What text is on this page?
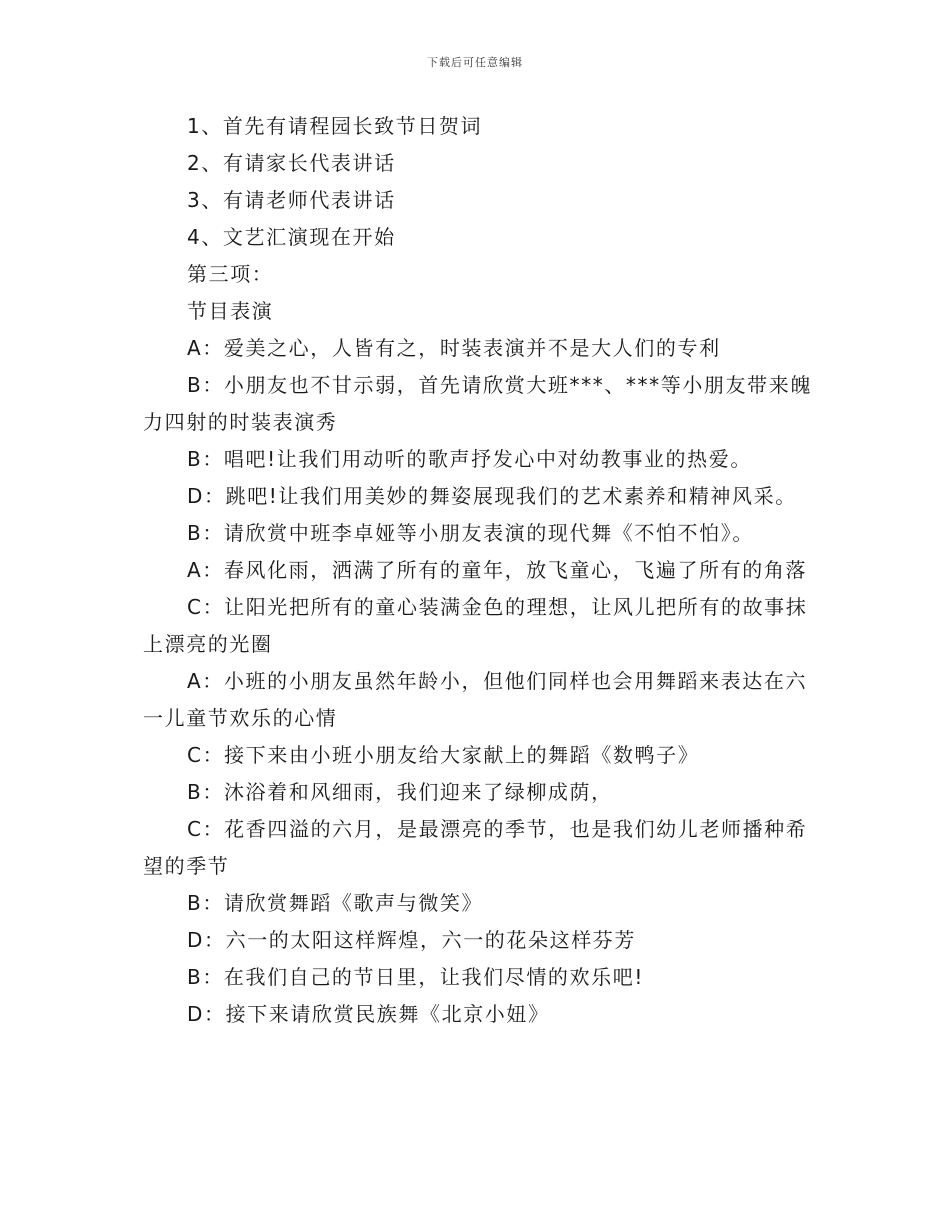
下载后可任意编辑

1、首先有请程园长致节日贺词

2、有请家长代表讲话

3、有请老师代表讲话

4、文艺汇演现在开始

第三项：

节目表演

A：爱美之心，人皆有之，时装表演并不是大人们的专利

B：小朋友也不甘示弱，首先请欣赏大班***、***等小朋友带来魄力四射的时装表演秀

B：唱吧!让我们用动听的歌声抒发心中对幼教事业的热爱。

D：跳吧!让我们用美妙的舞姿展现我们的艺术素养和精神风采。

B：请欣赏中班李卓娅等小朋友表演的现代舞《不怕不怕》。

A：春风化雨，洒满了所有的童年，放飞童心，飞遍了所有的角落

C：让阳光把所有的童心装满金色的理想，让风儿把所有的故事抹上漂亮的光圈

A：小班的小朋友虽然年龄小，但他们同样也会用舞蹈来表达在六一儿童节欢乐的心情

C：接下来由小班小朋友给大家献上的舞蹈《数鸭子》

B：沐浴着和风细雨，我们迎来了绿柳成荫，

C：花香四溢的六月，是最漂亮的季节，也是我们幼儿老师播种希望的季节

B：请欣赏舞蹈《歌声与微笑》

D：六一的太阳这样辉煌，六一的花朵这样芬芳

B：在我们自己的节日里，让我们尽情的欢乐吧!

D：接下来请欣赏民族舞《北京小妞》
